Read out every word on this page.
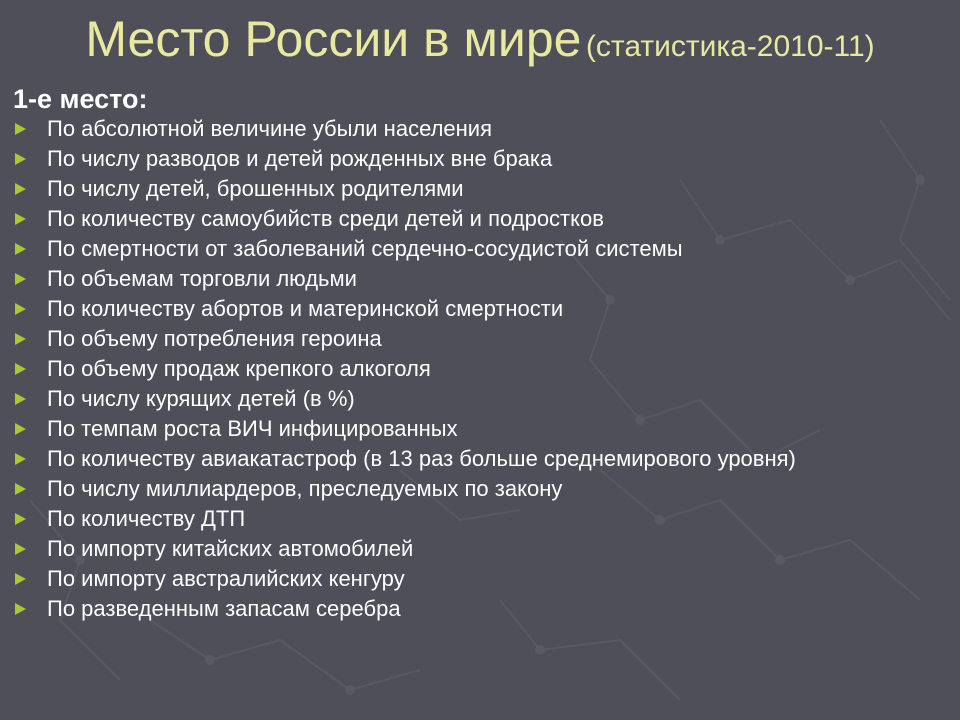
Место России в мире (статистика-2010-11)
1-е место:
По абсолютной величине убыли населения
По числу разводов и детей рожденных вне брака
По числу детей, брошенных родителями
По количеству самоубийств среди детей и подростков
По смертности от заболеваний сердечно-сосудистой системы
По объемам торговли людьми
По количеству абортов и материнской смертности
По объему потребления героина
По объему продаж крепкого алкоголя
По числу курящих детей (в %)
По темпам роста ВИЧ инфицированных
По количеству авиакатастроф (в 13 раз больше среднемирового уровня)
По числу миллиардеров, преследуемых по закону
По количеству ДТП
По импорту китайских автомобилей
По импорту австралийских кенгуру
По разведенным запасам серебра
